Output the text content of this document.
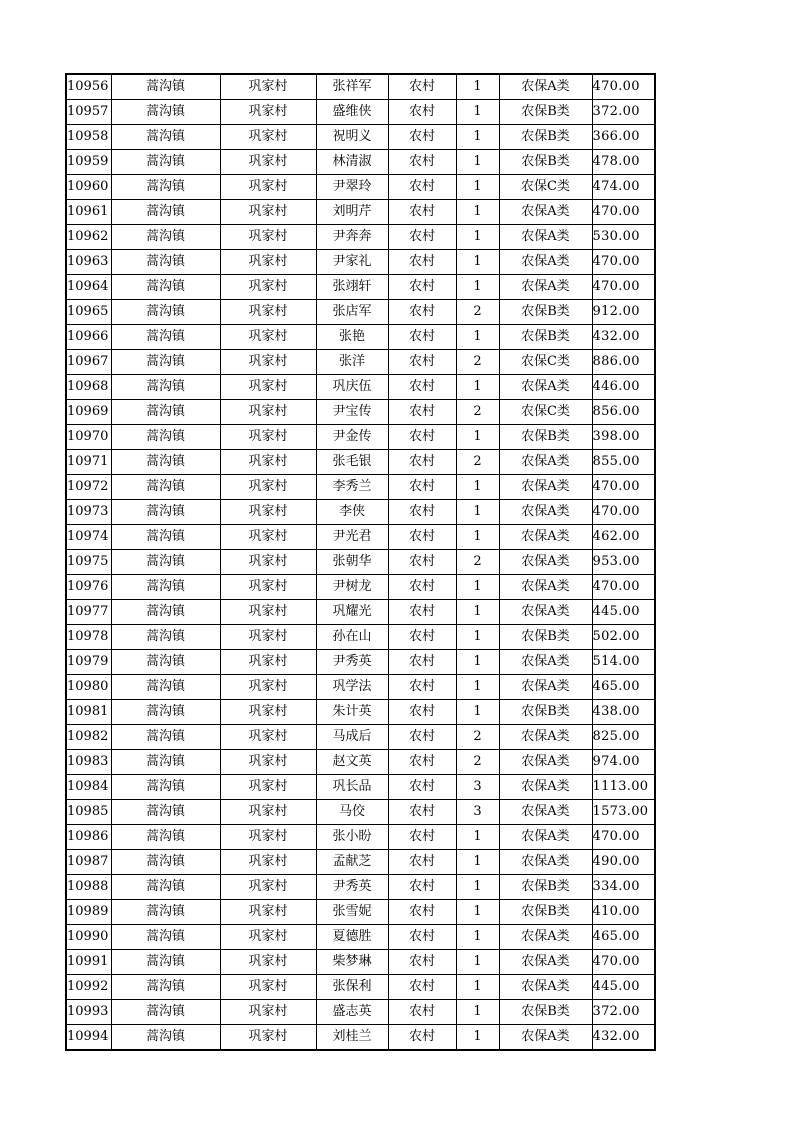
10956	蒿沟镇	巩家村	张祥军	农村	1	农保A类	470.00
10957	蒿沟镇	巩家村	盛维侠	农村	1	农保B类	372.00
10958	蒿沟镇	巩家村	祝明义	农村	1	农保B类	366.00
10959	蒿沟镇	巩家村	林清淑	农村	1	农保B类	478.00
10960	蒿沟镇	巩家村	尹翠玲	农村	1	农保C类	474.00
10961	蒿沟镇	巩家村	刘明芹	农村	1	农保A类	470.00
10962	蒿沟镇	巩家村	尹奔奔	农村	1	农保A类	530.00
10963	蒿沟镇	巩家村	尹家礼	农村	1	农保A类	470.00
10964	蒿沟镇	巩家村	张翊轩	农村	1	农保A类	470.00
10965	蒿沟镇	巩家村	张店军	农村	2	农保B类	912.00
10966	蒿沟镇	巩家村	张艳	农村	1	农保B类	432.00
10967	蒿沟镇	巩家村	张洋	农村	2	农保C类	886.00
10968	蒿沟镇	巩家村	巩庆伍	农村	1	农保A类	446.00
10969	蒿沟镇	巩家村	尹宝传	农村	2	农保C类	856.00
10970	蒿沟镇	巩家村	尹金传	农村	1	农保B类	398.00
10971	蒿沟镇	巩家村	张毛银	农村	2	农保A类	855.00
10972	蒿沟镇	巩家村	李秀兰	农村	1	农保A类	470.00
10973	蒿沟镇	巩家村	李侠	农村	1	农保A类	470.00
10974	蒿沟镇	巩家村	尹光君	农村	1	农保A类	462.00
10975	蒿沟镇	巩家村	张朝华	农村	2	农保A类	953.00
10976	蒿沟镇	巩家村	尹树龙	农村	1	农保A类	470.00
10977	蒿沟镇	巩家村	巩耀光	农村	1	农保A类	445.00
10978	蒿沟镇	巩家村	孙在山	农村	1	农保B类	502.00
10979	蒿沟镇	巩家村	尹秀英	农村	1	农保A类	514.00
10980	蒿沟镇	巩家村	巩学法	农村	1	农保A类	465.00
10981	蒿沟镇	巩家村	朱计英	农村	1	农保B类	438.00
10982	蒿沟镇	巩家村	马成后	农村	2	农保A类	825.00
10983	蒿沟镇	巩家村	赵文英	农村	2	农保A类	974.00
10984	蒿沟镇	巩家村	巩长品	农村	3	农保A类	1113.00
10985	蒿沟镇	巩家村	马佼	农村	3	农保A类	1573.00
10986	蒿沟镇	巩家村	张小盼	农村	1	农保A类	470.00
10987	蒿沟镇	巩家村	孟献芝	农村	1	农保A类	490.00
10988	蒿沟镇	巩家村	尹秀英	农村	1	农保B类	334.00
10989	蒿沟镇	巩家村	张雪妮	农村	1	农保B类	410.00
10990	蒿沟镇	巩家村	夏德胜	农村	1	农保A类	465.00
10991	蒿沟镇	巩家村	柴梦琳	农村	1	农保A类	470.00
10992	蒿沟镇	巩家村	张保利	农村	1	农保A类	445.00
10993	蒿沟镇	巩家村	盛志英	农村	1	农保B类	372.00
10994	蒿沟镇	巩家村	刘桂兰	农村	1	农保A类	432.00
